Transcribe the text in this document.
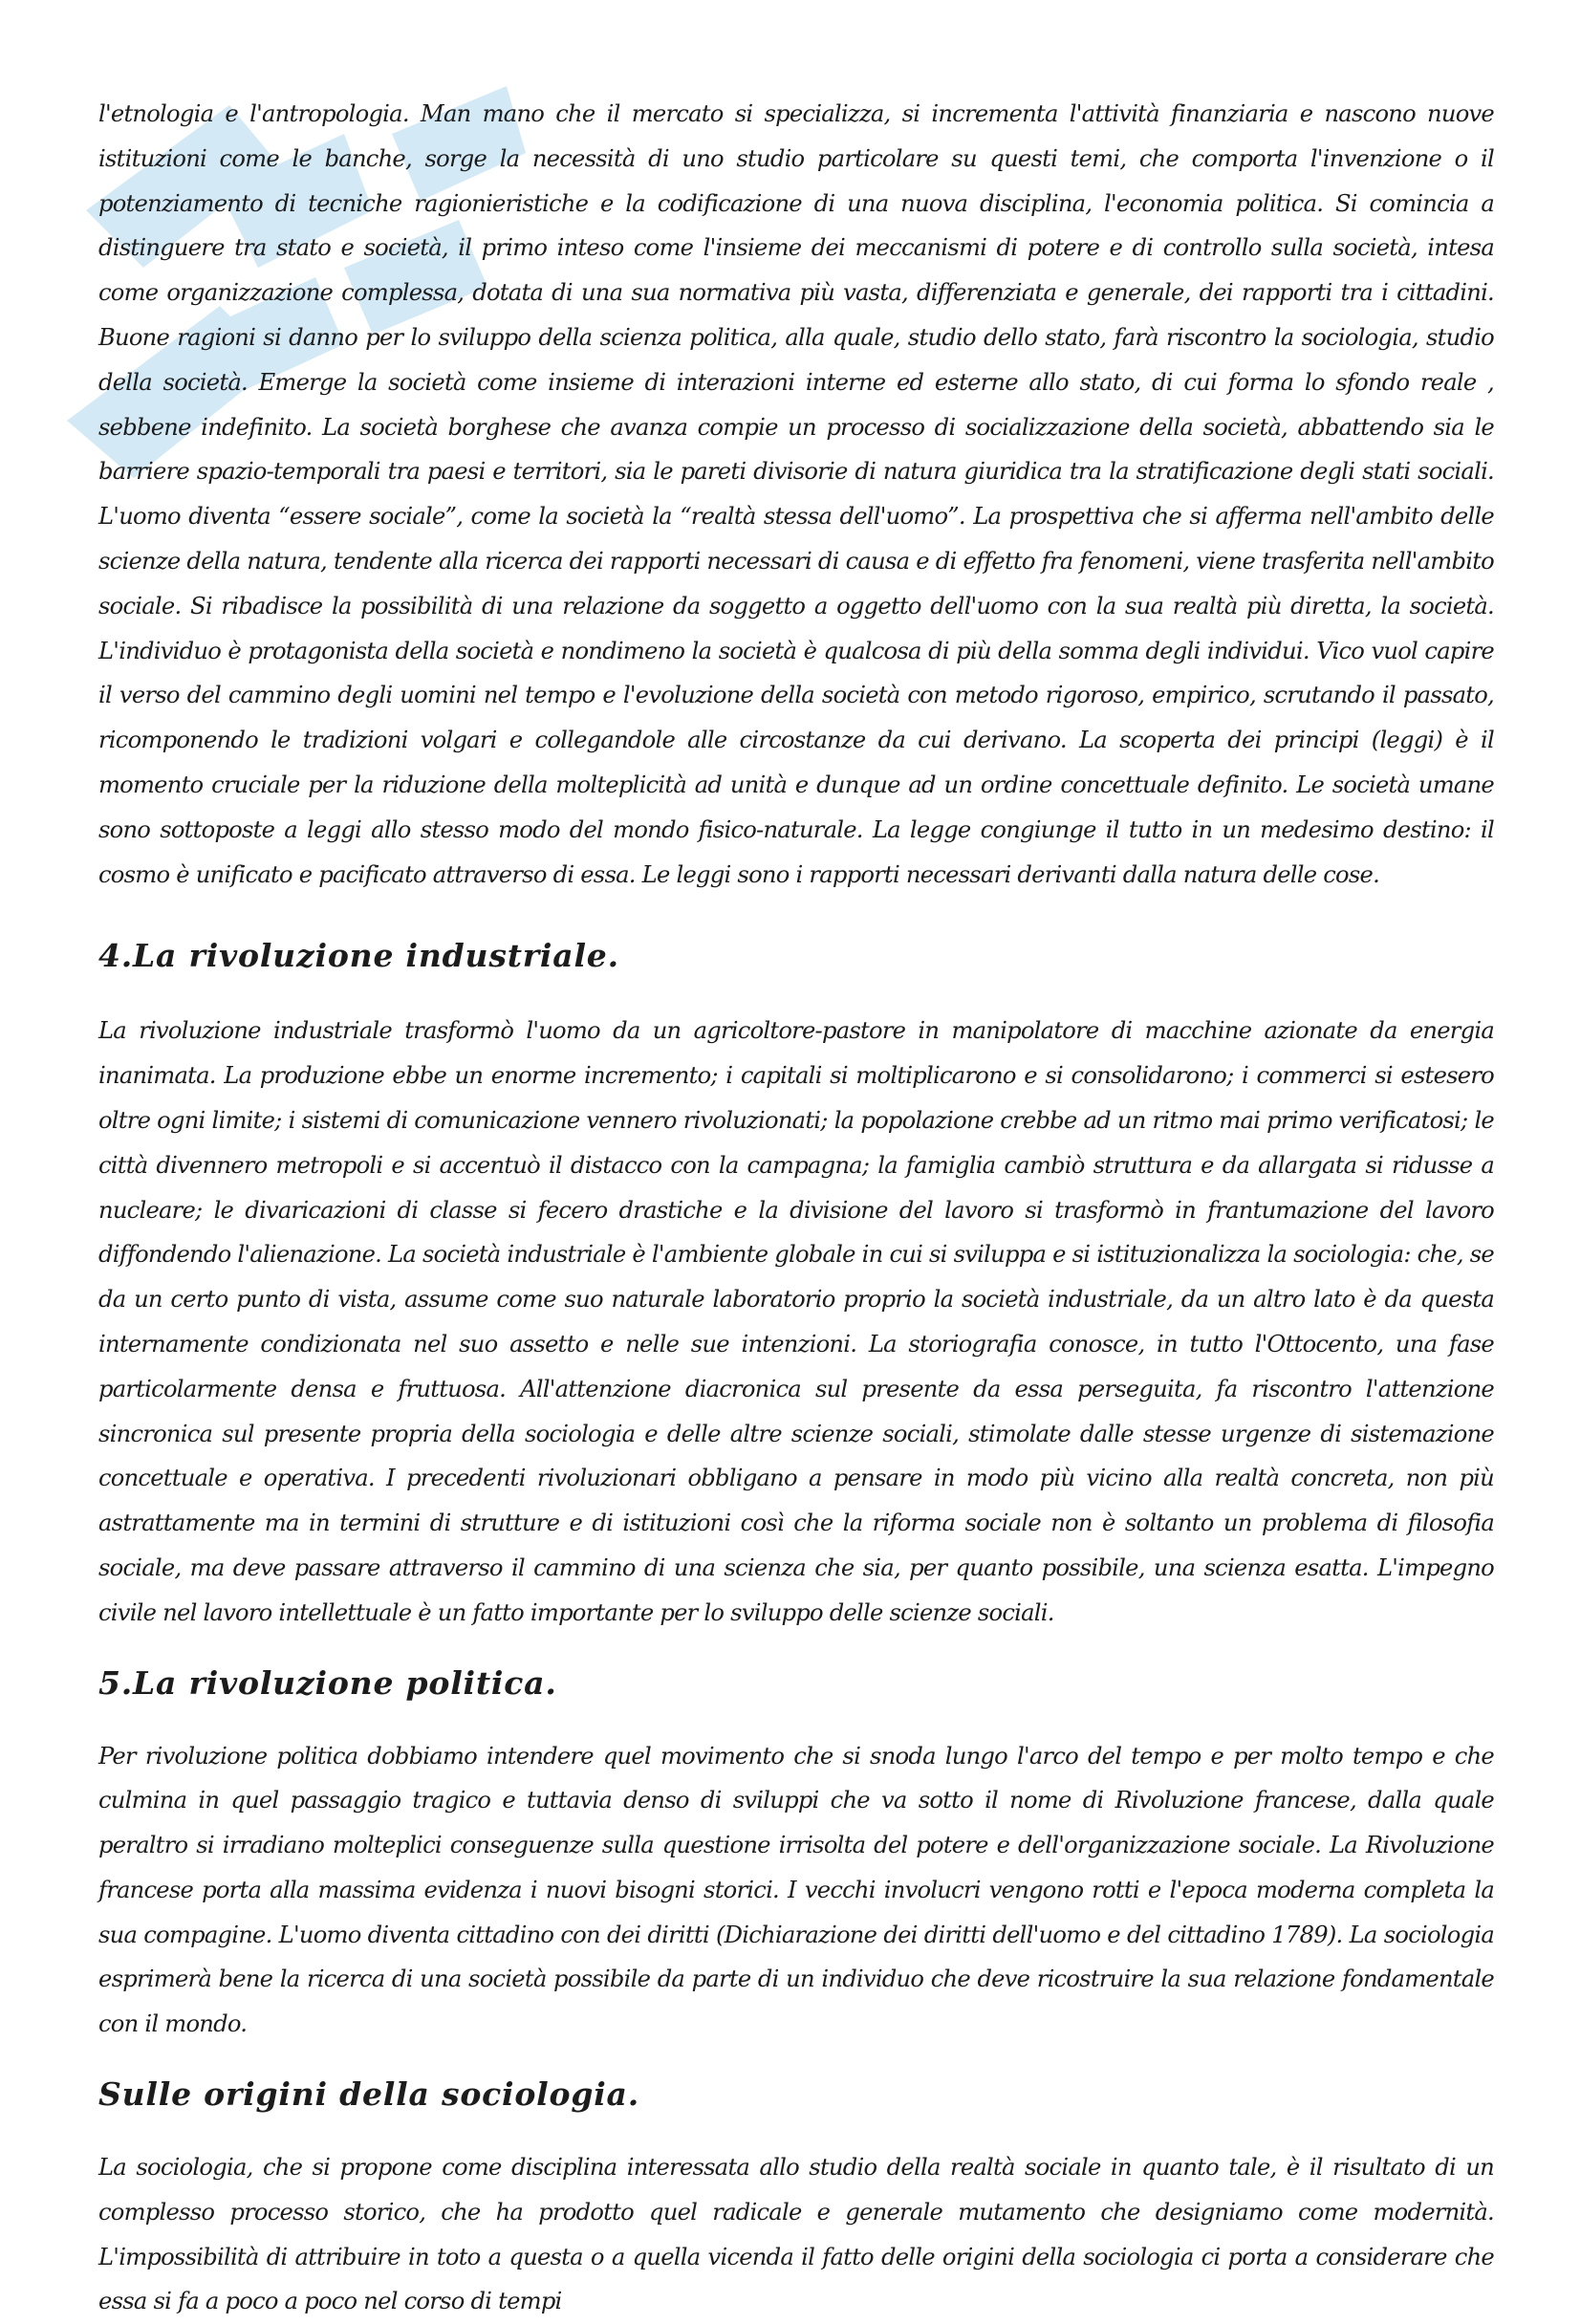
l'etnologia e l'antropologia. Man mano che il mercato si specializza, si incrementa l'attività finanziaria e nascono nuove istituzioni come le banche, sorge la necessità di uno studio particolare su questi temi, che comporta l'invenzione o il potenziamento di tecniche ragionieristiche e la codificazione di una nuova disciplina, l'economia politica. Si comincia a distinguere tra stato e società, il primo inteso come l'insieme dei meccanismi di potere e di controllo sulla società, intesa come organizzazione complessa, dotata di una sua normativa più vasta, differenziata e generale, dei rapporti tra i cittadini. Buone ragioni si danno per lo sviluppo della scienza politica, alla quale, studio dello stato, farà riscontro la sociologia, studio della società. Emerge la società come insieme di interazioni interne ed esterne allo stato, di cui forma lo sfondo reale , sebbene indefinito. La società borghese che avanza compie un processo di socializzazione della società, abbattendo sia le barriere spazio-temporali tra paesi e territori, sia le pareti divisorie di natura giuridica tra la stratificazione degli stati sociali. L'uomo diventa “essere sociale”, come la società la “realtà stessa dell'uomo”. La prospettiva che si afferma nell'ambito delle scienze della natura, tendente alla ricerca dei rapporti necessari di causa e di effetto fra fenomeni, viene trasferita nell'ambito sociale. Si ribadisce la possibilità di una relazione da soggetto a oggetto dell'uomo con la sua realtà più diretta, la società. L'individuo è protagonista della società e nondimeno la società è qualcosa di più della somma degli individui. Vico vuol capire il verso del cammino degli uomini nel tempo e l'evoluzione della società con metodo rigoroso, empirico, scrutando il passato, ricomponendo le tradizioni volgari e collegandole alle circostanze da cui derivano. La scoperta dei principi (leggi) è il momento cruciale per la riduzione della molteplicità ad unità e dunque ad un ordine concettuale definito. Le società umane sono sottoposte a leggi allo stesso modo del mondo fisico-naturale. La legge congiunge il tutto in un medesimo destino: il cosmo è unificato e pacificato attraverso di essa. Le leggi sono i rapporti necessari derivanti dalla natura delle cose.

4.La rivoluzione industriale.

La rivoluzione industriale trasformò l'uomo da un agricoltore-pastore in manipolatore di macchine azionate da energia inanimata. La produzione ebbe un enorme incremento; i capitali si moltiplicarono e si consolidarono; i commerci si estesero oltre ogni limite; i sistemi di comunicazione vennero rivoluzionati; la popolazione crebbe ad un ritmo mai primo verificatosi; le città divennero metropoli e si accentuò il distacco con la campagna; la famiglia cambiò struttura e da allargata si ridusse a nucleare; le divaricazioni di classe si fecero drastiche e la divisione del lavoro si trasformò in frantumazione del lavoro diffondendo l'alienazione. La società industriale è l'ambiente globale in cui si sviluppa e si istituzionalizza la sociologia: che, se da un certo punto di vista, assume come suo naturale laboratorio proprio la società industriale, da un altro lato è da questa internamente condizionata nel suo assetto e nelle sue intenzioni. La storiografia conosce, in tutto l'Ottocento, una fase particolarmente densa e fruttuosa. All'attenzione diacronica sul presente da essa perseguita, fa riscontro l'attenzione sincronica sul presente propria della sociologia e delle altre scienze sociali, stimolate dalle stesse urgenze di sistemazione concettuale e operativa. I precedenti rivoluzionari obbligano a pensare in modo più vicino alla realtà concreta, non più astrattamente ma in termini di strutture e di istituzioni così che la riforma sociale non è soltanto un problema di filosofia sociale, ma deve passare attraverso il cammino di una scienza che sia, per quanto possibile, una scienza esatta. L'impegno civile nel lavoro intellettuale è un fatto importante per lo sviluppo delle scienze sociali.

5.La rivoluzione politica.

Per rivoluzione politica dobbiamo intendere quel movimento che si snoda lungo l'arco del tempo e per molto tempo e che culmina in quel passaggio tragico e tuttavia denso di sviluppi che va sotto il nome di Rivoluzione francese, dalla quale peraltro si irradiano molteplici conseguenze sulla questione irrisolta del potere e dell'organizzazione sociale. La Rivoluzione francese porta alla massima evidenza i nuovi bisogni storici. I vecchi involucri vengono rotti e l'epoca moderna completa la sua compagine. L'uomo diventa cittadino con dei diritti (Dichiarazione dei diritti dell'uomo e del cittadino 1789). La sociologia esprimerà bene la ricerca di una società possibile da parte di un individuo che deve ricostruire la sua relazione fondamentale con il mondo.

Sulle origini della sociologia.

La sociologia, che si propone come disciplina interessata allo studio della realtà sociale in quanto tale, è il risultato di un complesso processo storico, che ha prodotto quel radicale e generale mutamento che designiamo come modernità. L'impossibilità di attribuire in toto a questa o a quella vicenda il fatto delle origini della sociologia ci porta a considerare che essa si fa a poco a poco nel corso di tempi
